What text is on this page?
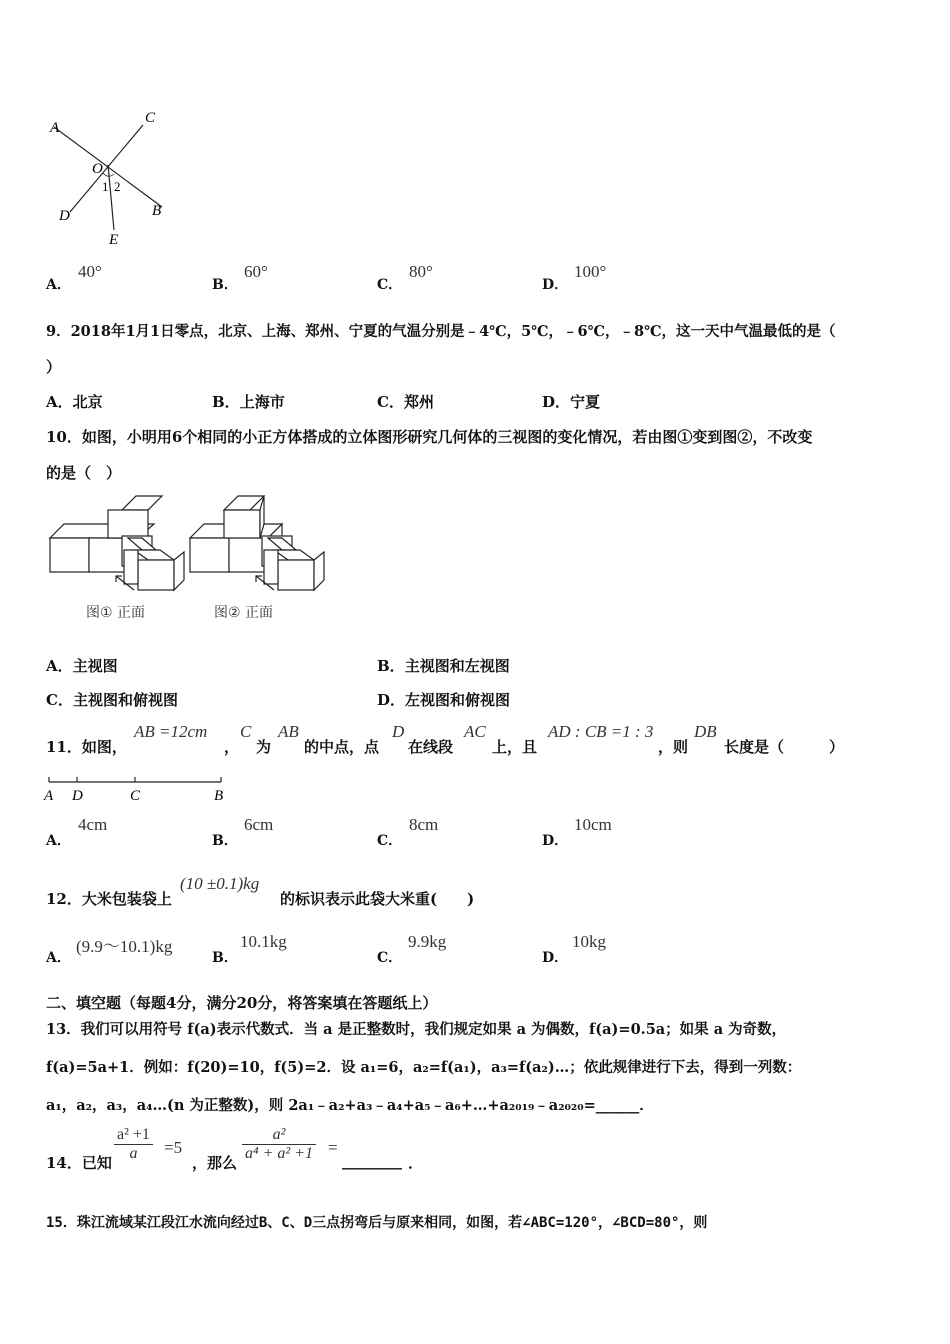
A
C
O
1 2
D	B
E
A．
40°
B．
60°
C．
80°
D．
100°
9．2018年1月1日零点，北京、上海、郑州、宁夏的气温分别是﹣4℃，5℃，﹣6℃，﹣8℃，这一天中气温最低的是（
）
A．北京	B．上海市	C．郑州	D．宁夏
10．如图，小明用6个相同的小正方体搭成的立体图形研究几何体的三视图的变化情况，若由图①变到图②，不改变
的是（　）
图① 正面	图② 正面
A．主视图	B．主视图和左视图
C．主视图和俯视图	D．左视图和俯视图
11．如图，
AB =12cm
，
C
为
AB
的中点，点
D
在线段
AC
上，且
AD : CB =1 : 3
，则
DB
长度是（　　　）
A D	C	B
A．
4cm
B．
6cm
C．
8cm
D．
10cm
12．大米包装袋上
(10 ±0.1)kg
的标识表示此袋大米重(　　)
A．
(9.9～10.1)kg
B．
10.1kg
C．
9.9kg
D．
10kg
二、填空题（每题4分，满分20分，将答案填在答题纸上）
13．我们可以用符号 f(a)表示代数式．当 a 是正整数时，我们规定如果 a 为偶数，f(a)=0.5a；如果 a 为奇数，
f(a)=5a+1．例如：f(20)=10，f(5)=2．设 a₁=6，a₂=f(a₁)，a₃=f(a₂)…；依此规律进行下去，得到一列数：
a₁，a₂，a₃，a₄…(n 为正整数)，则 2a₁﹣a₂+a₃﹣a₄+a₅﹣a₆+…+a₂₀₁₉﹣a₂₀₂₀=______．
14．已知 $\frac{\text{a² +1}}{a} =5$
，那么 $\frac{\text{a²}}{\text{a⁴ + a² +1}}$ =
________ ．
15．珠江流域某江段江水流向经过B、C、D三点拐弯后与原来相同，如图，若∠ABC=120°，∠BCD=80°，则
